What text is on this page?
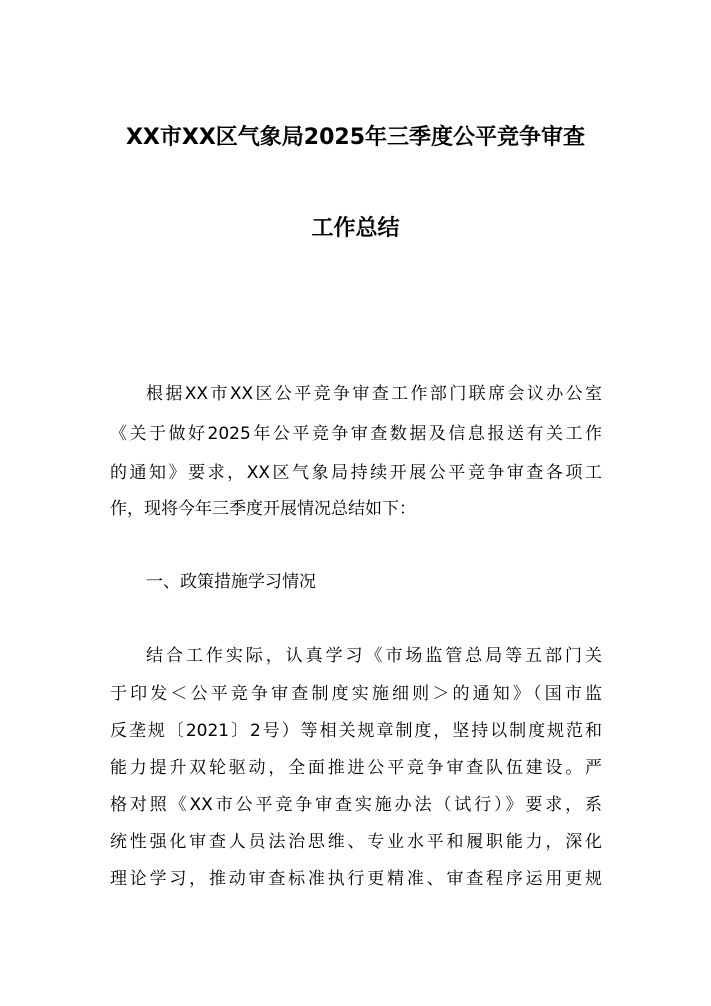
XX市XX区气象局2025年三季度公平竞争审查
工作总结
根据XX市XX区公平竞争审查工作部门联席会议办公室
《关于做好2025年公平竞争审查数据及信息报送有关工作
的通知》要求，XX区气象局持续开展公平竞争审查各项工
作，现将今年三季度开展情况总结如下：
一、政策措施学习情况
结合工作实际，认真学习《市场监管总局等五部门关
于印发＜公平竞争审查制度实施细则＞的通知》（国市监
反垄规〔2021〕2号）等相关规章制度，坚持以制度规范和
能力提升双轮驱动，全面推进公平竞争审查队伍建设。严
格对照《XX市公平竞争审查实施办法（试行）》要求，系
统性强化审查人员法治思维、专业水平和履职能力，深化
理论学习，推动审查标准执行更精准、审查程序运用更规
